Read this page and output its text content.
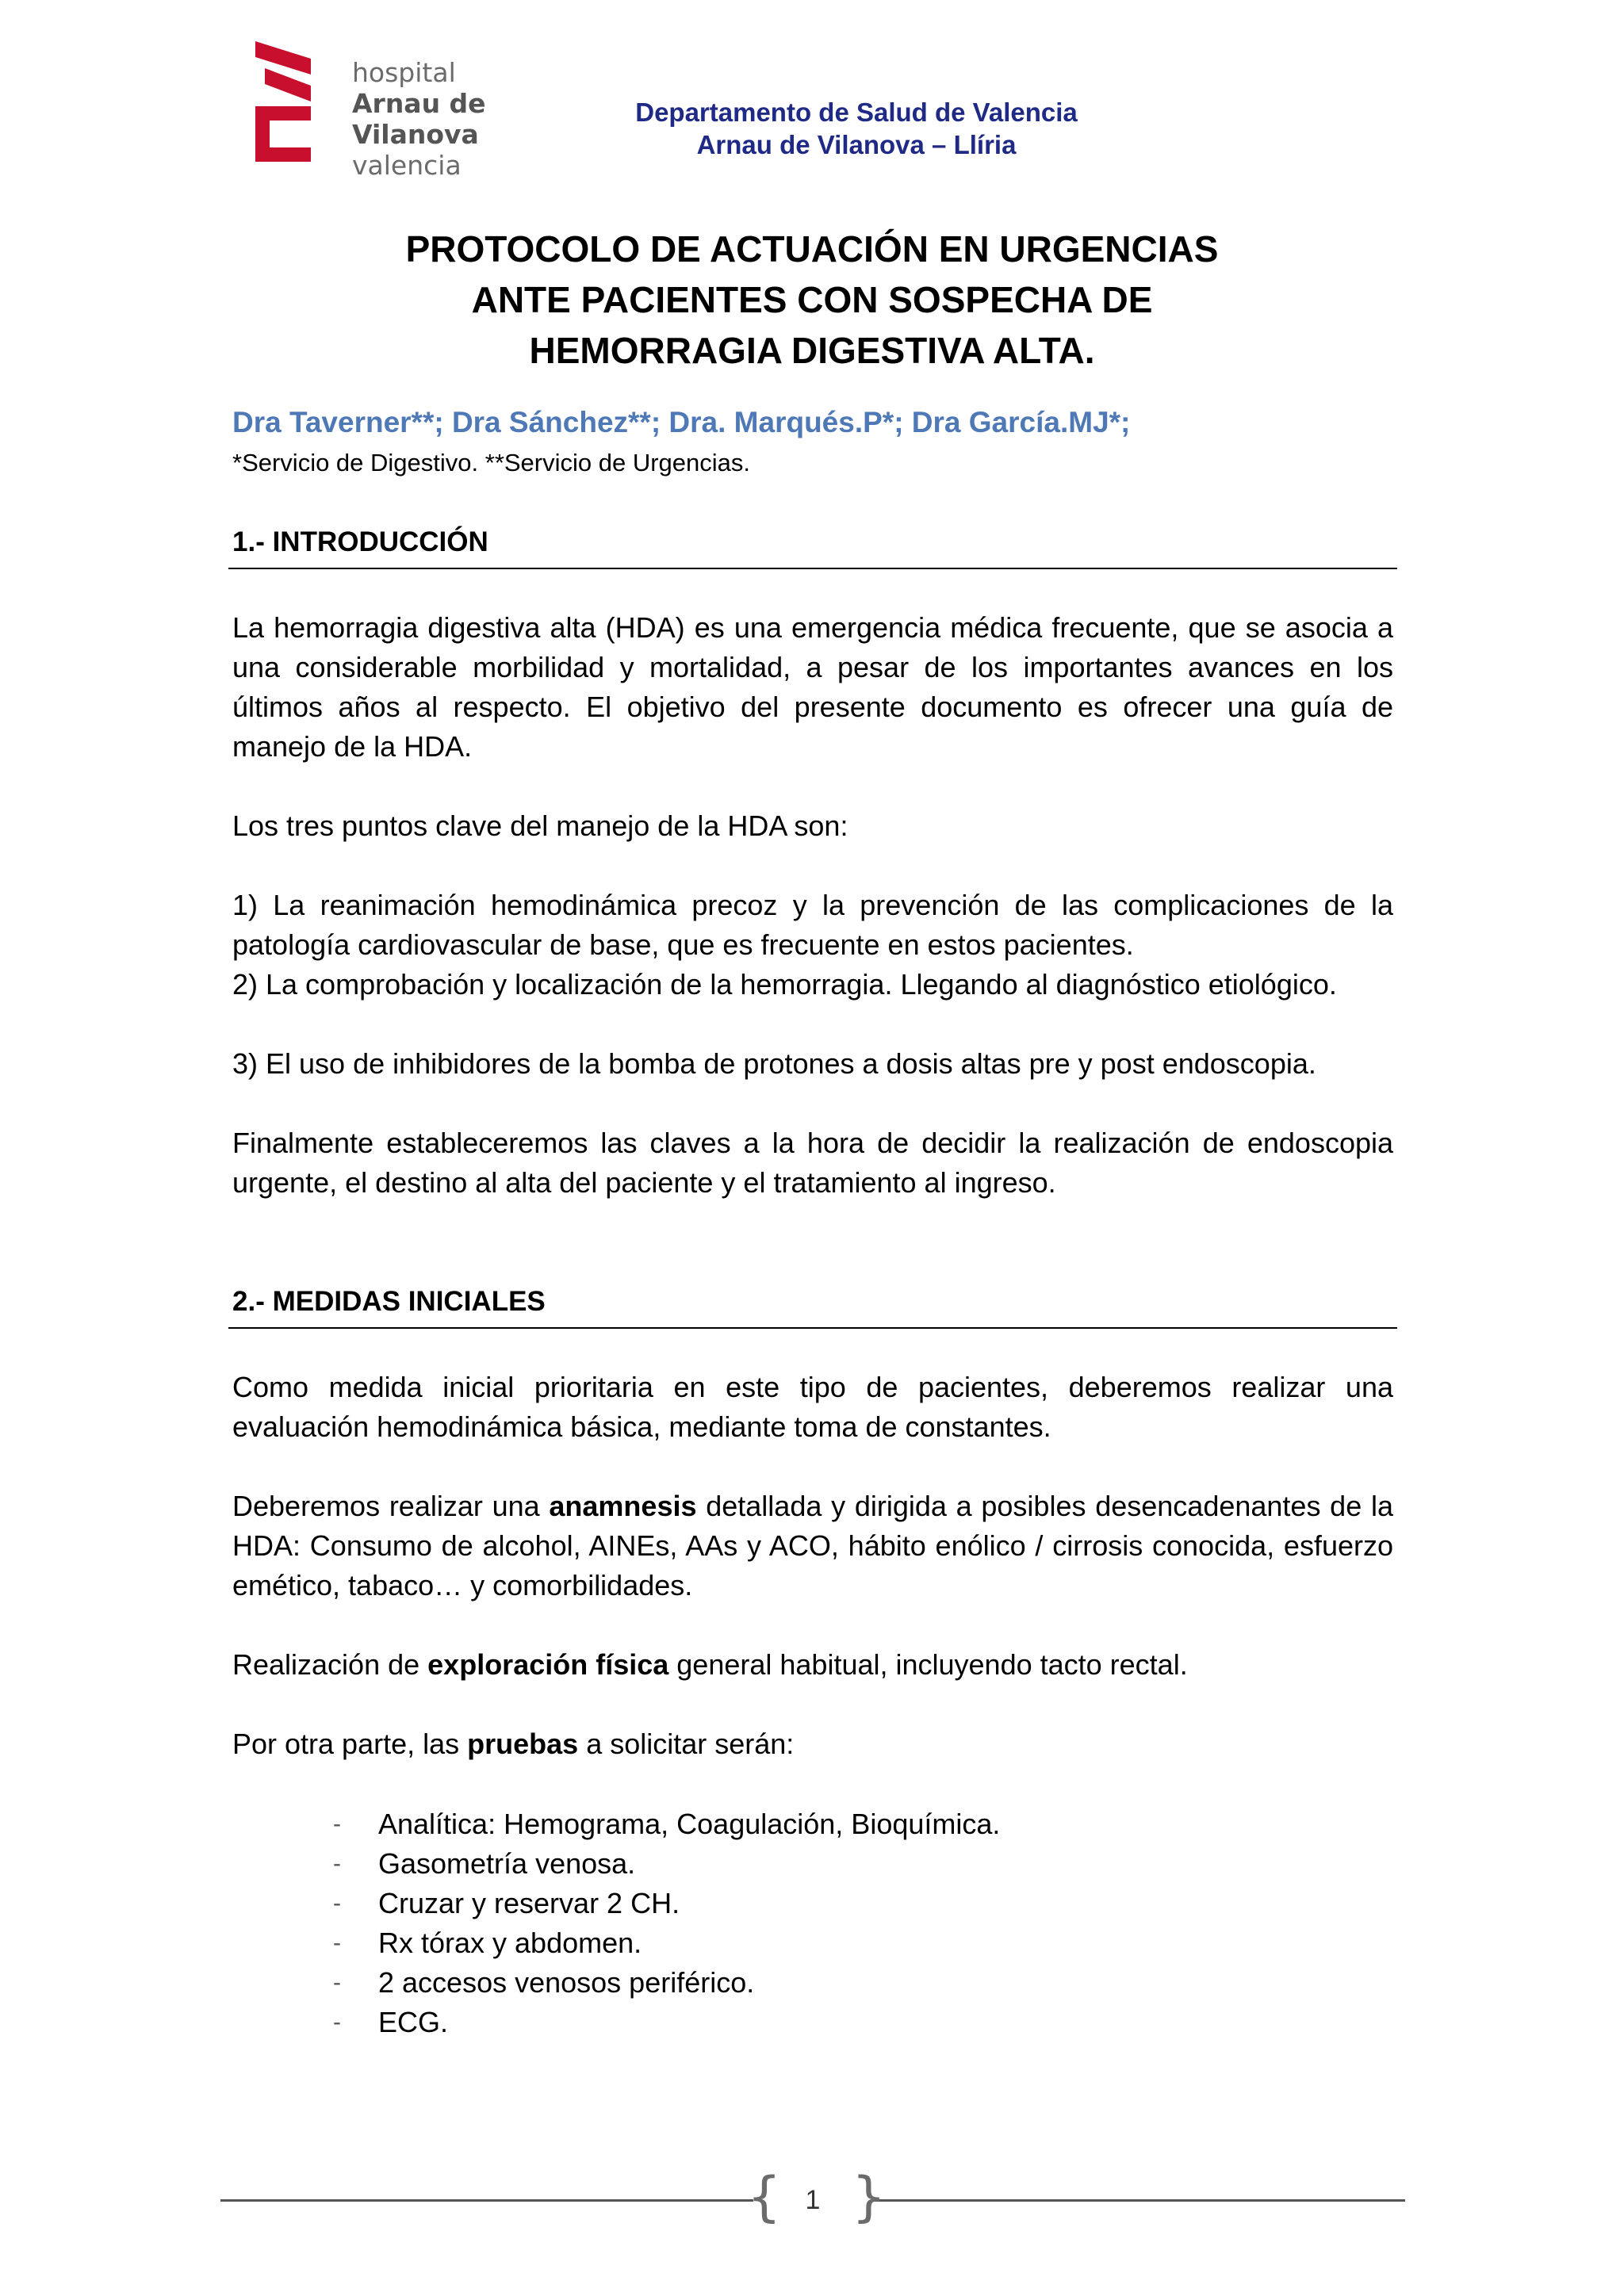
hospital
Arnau de
Vilanova
valencia
Departamento de Salud de Valencia
Arnau de Vilanova – Llíria
PROTOCOLO DE ACTUACIÓN EN URGENCIAS
ANTE PACIENTES CON SOSPECHA DE
HEMORRAGIA DIGESTIVA ALTA.
Dra Taverner**; Dra Sánchez**; Dra. Marqués.P*; Dra García.MJ*;
*Servicio de Digestivo. **Servicio de Urgencias.
1.- INTRODUCCIÓN

La hemorragia digestiva alta (HDA) es una emergencia médica frecuente, que se asocia a una considerable morbilidad y mortalidad, a pesar de los importantes avances en los últimos años al respecto. El objetivo del presente documento es ofrecer una guía de manejo de la HDA.

Los tres puntos clave del manejo de la HDA son:

1) La reanimación hemodinámica precoz y la prevención de las complicaciones de la patología cardiovascular de base, que es frecuente en estos pacientes.

2) La comprobación y localización de la hemorragia. Llegando al diagnóstico etiológico.

3) El uso de inhibidores de la bomba de protones a dosis altas pre y post endoscopia.

Finalmente estableceremos las claves a la hora de decidir la realización de endoscopia urgente, el destino al alta del paciente y el tratamiento al ingreso.

2.- MEDIDAS INICIALES

Como medida inicial prioritaria en este tipo de pacientes, deberemos realizar una evaluación hemodinámica básica, mediante toma de constantes.

Deberemos realizar una anamnesis detallada y dirigida a posibles desencadenantes de la HDA: Consumo de alcohol, AINEs, AAs y ACO, hábito enólico / cirrosis conocida, esfuerzo emético, tabaco… y comorbilidades.

Realización de exploración física general habitual, incluyendo tacto rectal.

Por otra parte, las pruebas a solicitar serán:

- Analítica: Hemograma, Coagulación, Bioquímica.
- Gasometría venosa.
- Cruzar y reservar 2 CH.
- Rx tórax y abdomen.
- 2 accesos venosos periférico.
- ECG.
{ }
1
